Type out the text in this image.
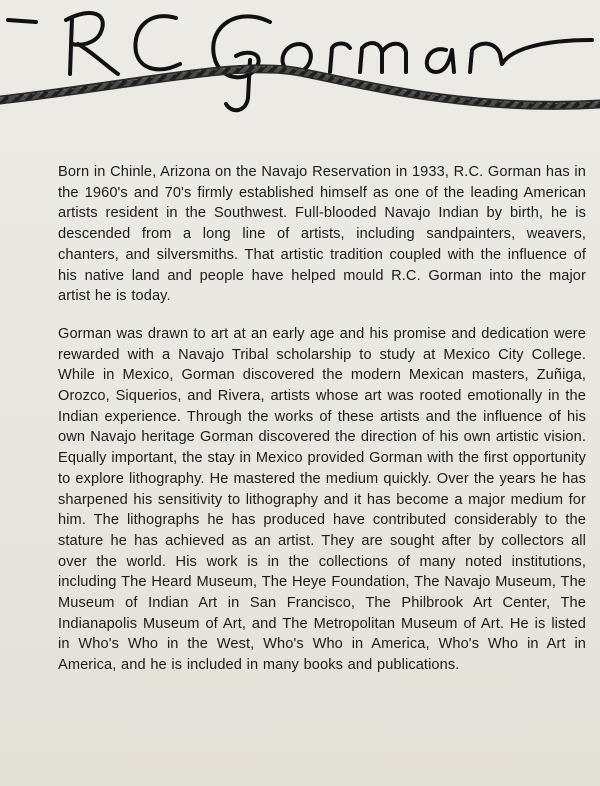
Born in Chinle, Arizona on the Navajo Reservation in 1933, R.C. Gorman has in the 1960's and 70's firmly established himself as one of the leading American artists resident in the Southwest. Full-blooded Navajo Indian by birth, he is descended from a long line of artists, including sandpainters, weavers, chanters, and silversmiths. That artistic tradition coupled with the influence of his native land and people have helped mould R.C. Gorman into the major artist he is today.

Gorman was drawn to art at an early age and his promise and dedication were rewarded with a Navajo Tribal scholarship to study at Mexico City College. While in Mexico, Gorman discovered the modern Mexican masters, Zuñiga, Orozco, Siquerios, and Rivera, artists whose art was rooted emotionally in the Indian experience. Through the works of these artists and the influence of his own Navajo heritage Gorman discovered the direction of his own artistic vision. Equally important, the stay in Mexico provided Gorman with the first opportunity to explore lithography. He mastered the medium quickly. Over the years he has sharpened his sensitivity to lithography and it has become a major medium for him. The lithographs he has produced have contributed considerably to the stature he has achieved as an artist. They are sought after by collectors all over the world. His work is in the collections of many noted institutions, including The Heard Museum, The Heye Foundation, The Navajo Museum, The Museum of Indian Art in San Francisco, The Philbrook Art Center, The Indianapolis Museum of Art, and The Metropolitan Museum of Art. He is listed in Who's Who in the West, Who's Who in America, Who's Who in Art in America, and he is included in many books and publications.
